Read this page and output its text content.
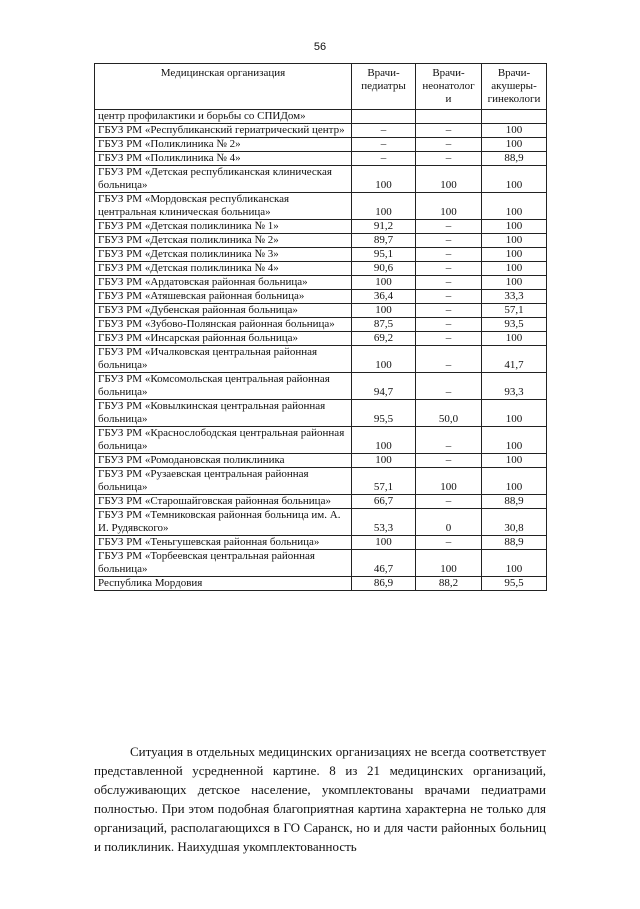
56
Медицинская организация	Врачи-педиатры	Врачи-неонатологи	Врачи-акушеры-гинекологи
центр профилактики и борьбы со СПИДом»			
ГБУЗ РМ «Республиканский гериатрический центр»	–	–	100
ГБУЗ РМ «Поликлиника № 2»	–	–	100
ГБУЗ РМ «Поликлиника № 4»	–	–	88,9
ГБУЗ РМ «Детская республиканская клиническая больница»	100	100	100
ГБУЗ РМ «Мордовская республиканская центральная клиническая больница»	100	100	100
ГБУЗ РМ «Детская поликлиника № 1»	91,2	–	100
ГБУЗ РМ «Детская поликлиника № 2»	89,7	–	100
ГБУЗ РМ «Детская поликлиника № 3»	95,1	–	100
ГБУЗ РМ «Детская поликлиника № 4»	90,6	–	100
ГБУЗ РМ «Ардатовская районная больница»	100	–	100
ГБУЗ РМ «Атяшевская районная больница»	36,4	–	33,3
ГБУЗ РМ «Дубенская районная больница»	100	–	57,1
ГБУЗ РМ «Зубово-Полянская районная больница»	87,5	–	93,5
ГБУЗ РМ «Инсарская районная больница»	69,2	–	100
ГБУЗ РМ «Ичалковская центральная районная больница»	100	–	41,7
ГБУЗ РМ «Комсомольская центральная районная больница»	94,7	–	93,3
ГБУЗ РМ «Ковылкинская центральная районная больница»	95,5	50,0	100
ГБУЗ РМ «Краснослободская центральная районная больница»	100	–	100
ГБУЗ РМ «Ромодановская поликлиника	100	–	100
ГБУЗ РМ «Рузаевская центральная районная больница»	57,1	100	100
ГБУЗ РМ «Старошайговская районная больница»	66,7	–	88,9
ГБУЗ РМ «Темниковская районная больница им. А. И. Рудявского»	53,3	0	30,8
ГБУЗ РМ «Теньгушевская районная больница»	100	–	88,9
ГБУЗ РМ «Торбеевская центральная районная больница»	46,7	100	100
Республика Мордовия	86,9	88,2	95,5

Ситуация в отдельных медицинских организациях не всегда соответствует представленной усредненной картине. 8 из 21 медицинских организаций, обслуживающих детское население, укомплектованы врачами педиатрами полностью. При этом подобная благоприятная картина характерна не только для организаций, располагающихся в ГО Саранск, но и для части районных больниц и поликлиник. Наихудшая укомплектованность
